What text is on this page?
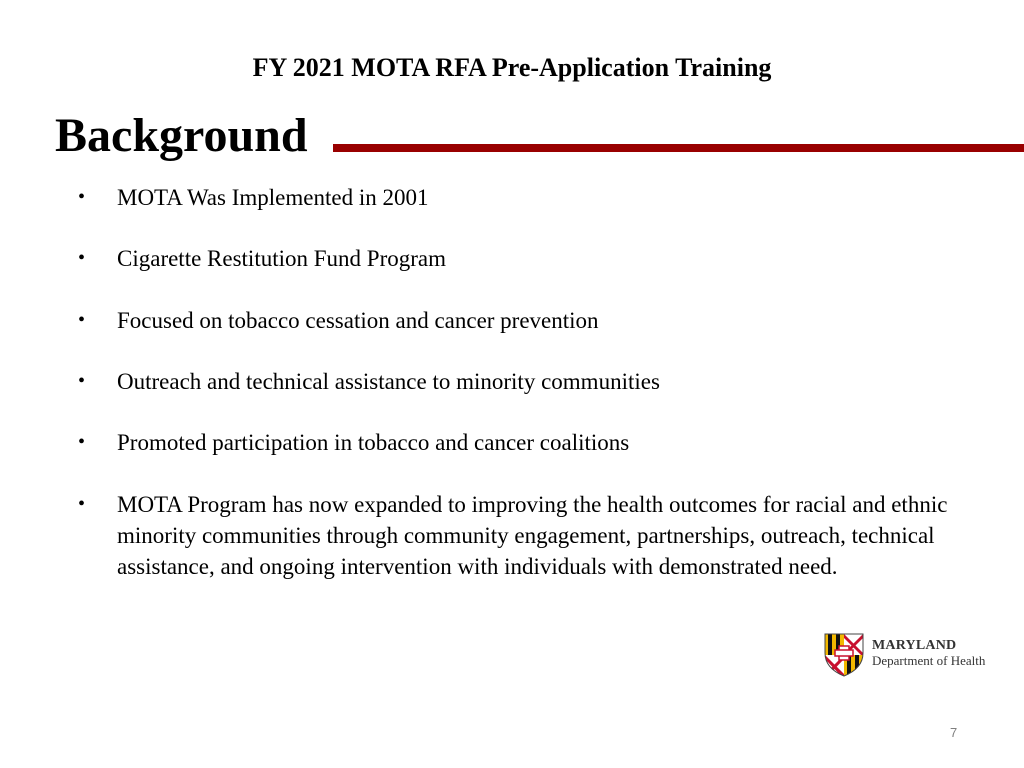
FY 2021 MOTA RFA Pre-Application Training
Background
• MOTA Was Implemented in 2001
• Cigarette Restitution Fund Program
• Focused on tobacco cessation and cancer prevention
• Outreach and technical assistance to minority communities
• Promoted participation in tobacco and cancer coalitions
• MOTA Program has now expanded to improving the health outcomes for racial and ethnic minority communities through community engagement, partnerships, outreach, technical assistance, and ongoing intervention with individuals with demonstrated need.
MARYLAND
Department of Health
7
